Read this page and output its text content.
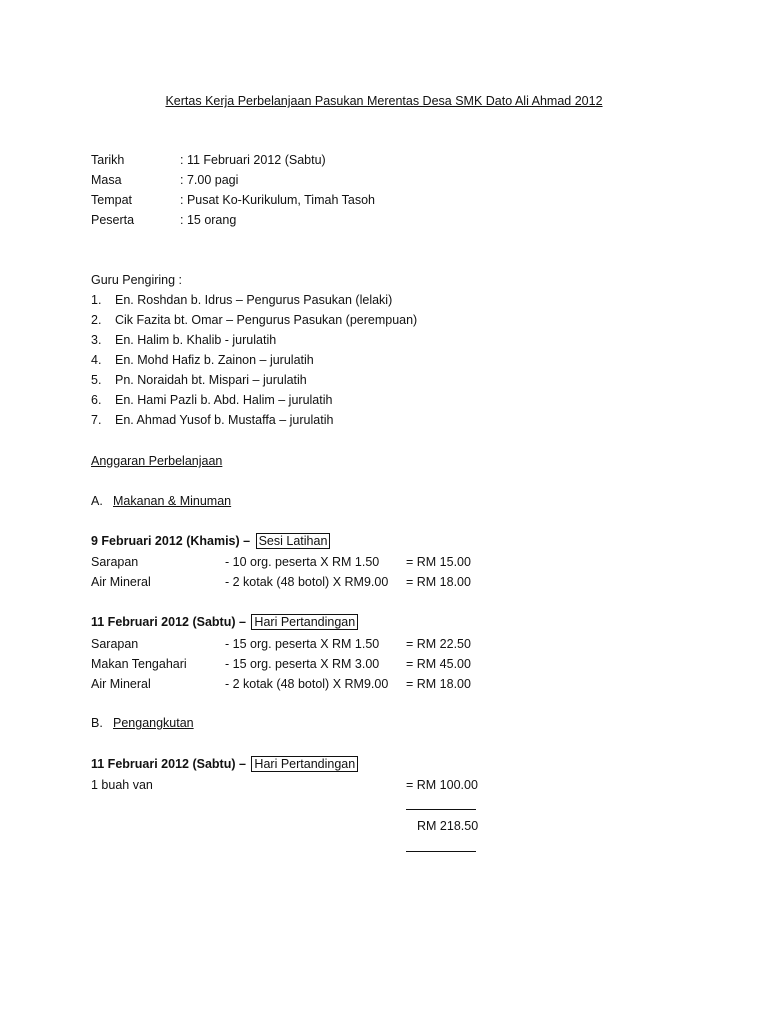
Kertas Kerja Perbelanjaan Pasukan Merentas Desa SMK Dato Ali Ahmad 2012
Tarikh	: 11 Februari 2012 (Sabtu)
Masa	: 7.00 pagi
Tempat	: Pusat Ko-Kurikulum, Timah Tasoh
Peserta	: 15 orang
Guru Pengiring :
1. En. Roshdan b. Idrus – Pengurus Pasukan (lelaki)
2. Cik Fazita bt. Omar – Pengurus Pasukan (perempuan)
3. En. Halim b. Khalib - jurulatih
4. En. Mohd Hafiz b. Zainon – jurulatih
5. Pn. Noraidah bt. Mispari – jurulatih
6. En. Hami Pazli b. Abd. Halim – jurulatih
7. En. Ahmad Yusof b. Mustaffa – jurulatih
Anggaran Perbelanjaan
A. Makanan & Minuman
9 Februari 2012 (Khamis) – Sesi Latihan
Sarapan	- 10 org. peserta X RM 1.50 = RM 15.00
Air Mineral	- 2 kotak (48 botol) X RM9.00 = RM 18.00
11 Februari 2012 (Sabtu) – Hari Pertandingan
Sarapan	- 15 org. peserta X RM 1.50 = RM 22.50
Makan Tengahari	- 15 org. peserta X RM 3.00 = RM 45.00
Air Mineral	- 2 kotak (48 botol) X RM9.00 = RM 18.00
B. Pengangkutan
11 Februari 2012 (Sabtu) – Hari Pertandingan
1 buah van	= RM 100.00
RM 218.50
